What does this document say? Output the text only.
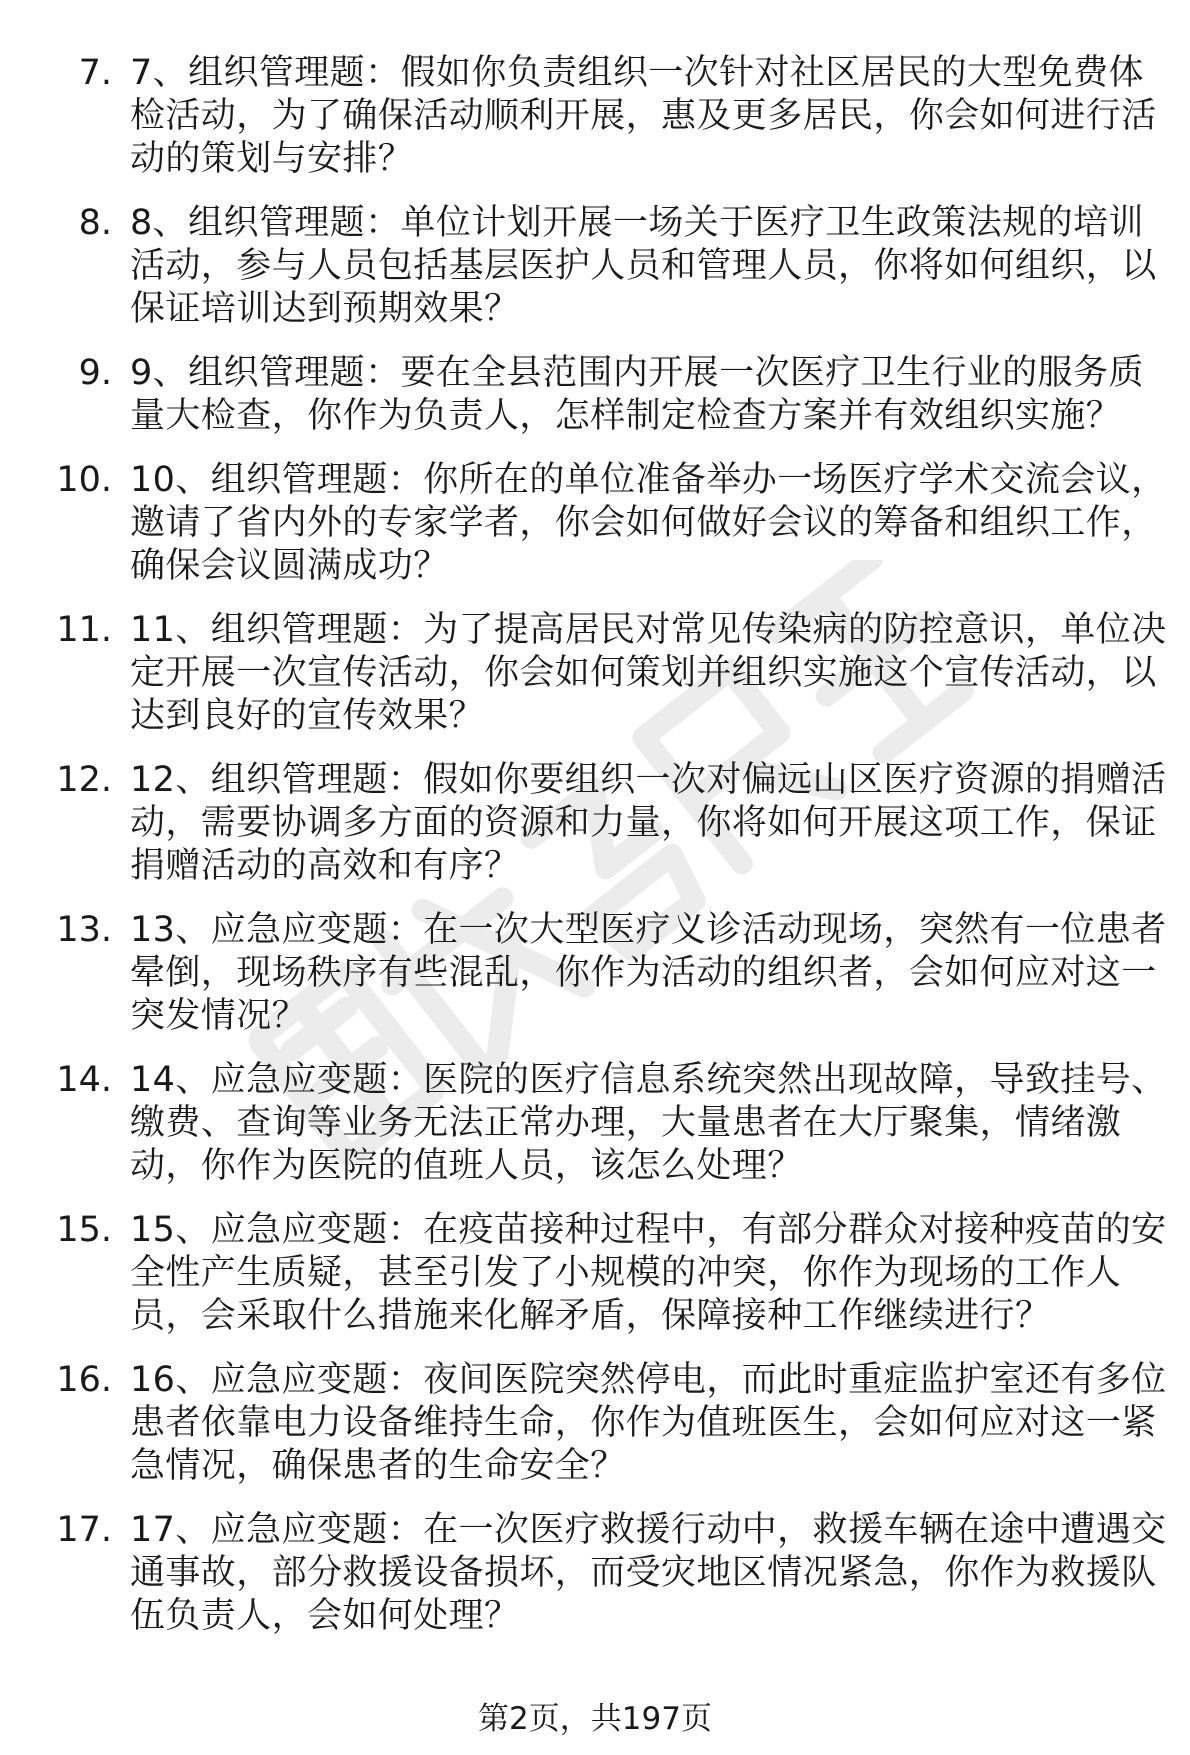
7. 7、组织管理题：假如你负责组织一次针对社区居民的大型免费体检活动，为了确保活动顺利开展，惠及更多居民，你会如何进行活动的策划与安排？
8. 8、组织管理题：单位计划开展一场关于医疗卫生政策法规的培训活动，参与人员包括基层医护人员和管理人员，你将如何组织，以保证培训达到预期效果？
9. 9、组织管理题：要在全县范围内开展一次医疗卫生行业的服务质量大检查，你作为负责人，怎样制定检查方案并有效组织实施？
10. 10、组织管理题：你所在的单位准备举办一场医疗学术交流会议，邀请了省内外的专家学者，你会如何做好会议的筹备和组织工作，确保会议圆满成功？
11. 11、组织管理题：为了提高居民对常见传染病的防控意识，单位决定开展一次宣传活动，你会如何策划并组织实施这个宣传活动，以达到良好的宣传效果？
12. 12、组织管理题：假如你要组织一次对偏远山区医疗资源的捐赠活动，需要协调多方面的资源和力量，你将如何开展这项工作，保证捐赠活动的高效和有序？
13. 13、应急应变题：在一次大型医疗义诊活动现场，突然有一位患者晕倒，现场秩序有些混乱，你作为活动的组织者，会如何应对这一突发情况？
14. 14、应急应变题：医院的医疗信息系统突然出现故障，导致挂号、缴费、查询等业务无法正常办理，大量患者在大厅聚集，情绪激动，你作为医院的值班人员，该怎么处理？
15. 15、应急应变题：在疫苗接种过程中，有部分群众对接种疫苗的安全性产生质疑，甚至引发了小规模的冲突，你作为现场的工作人员，会采取什么措施来化解矛盾，保障接种工作继续进行？
16. 16、应急应变题：夜间医院突然停电，而此时重症监护室还有多位患者依靠电力设备维持生命，你作为值班医生，会如何应对这一紧急情况，确保患者的生命安全？
17. 17、应急应变题：在一次医疗救援行动中，救援车辆在途中遭遇交通事故，部分救援设备损坏，而受灾地区情况紧急，你作为救援队伍负责人，会如何处理？
第2页，共197页
